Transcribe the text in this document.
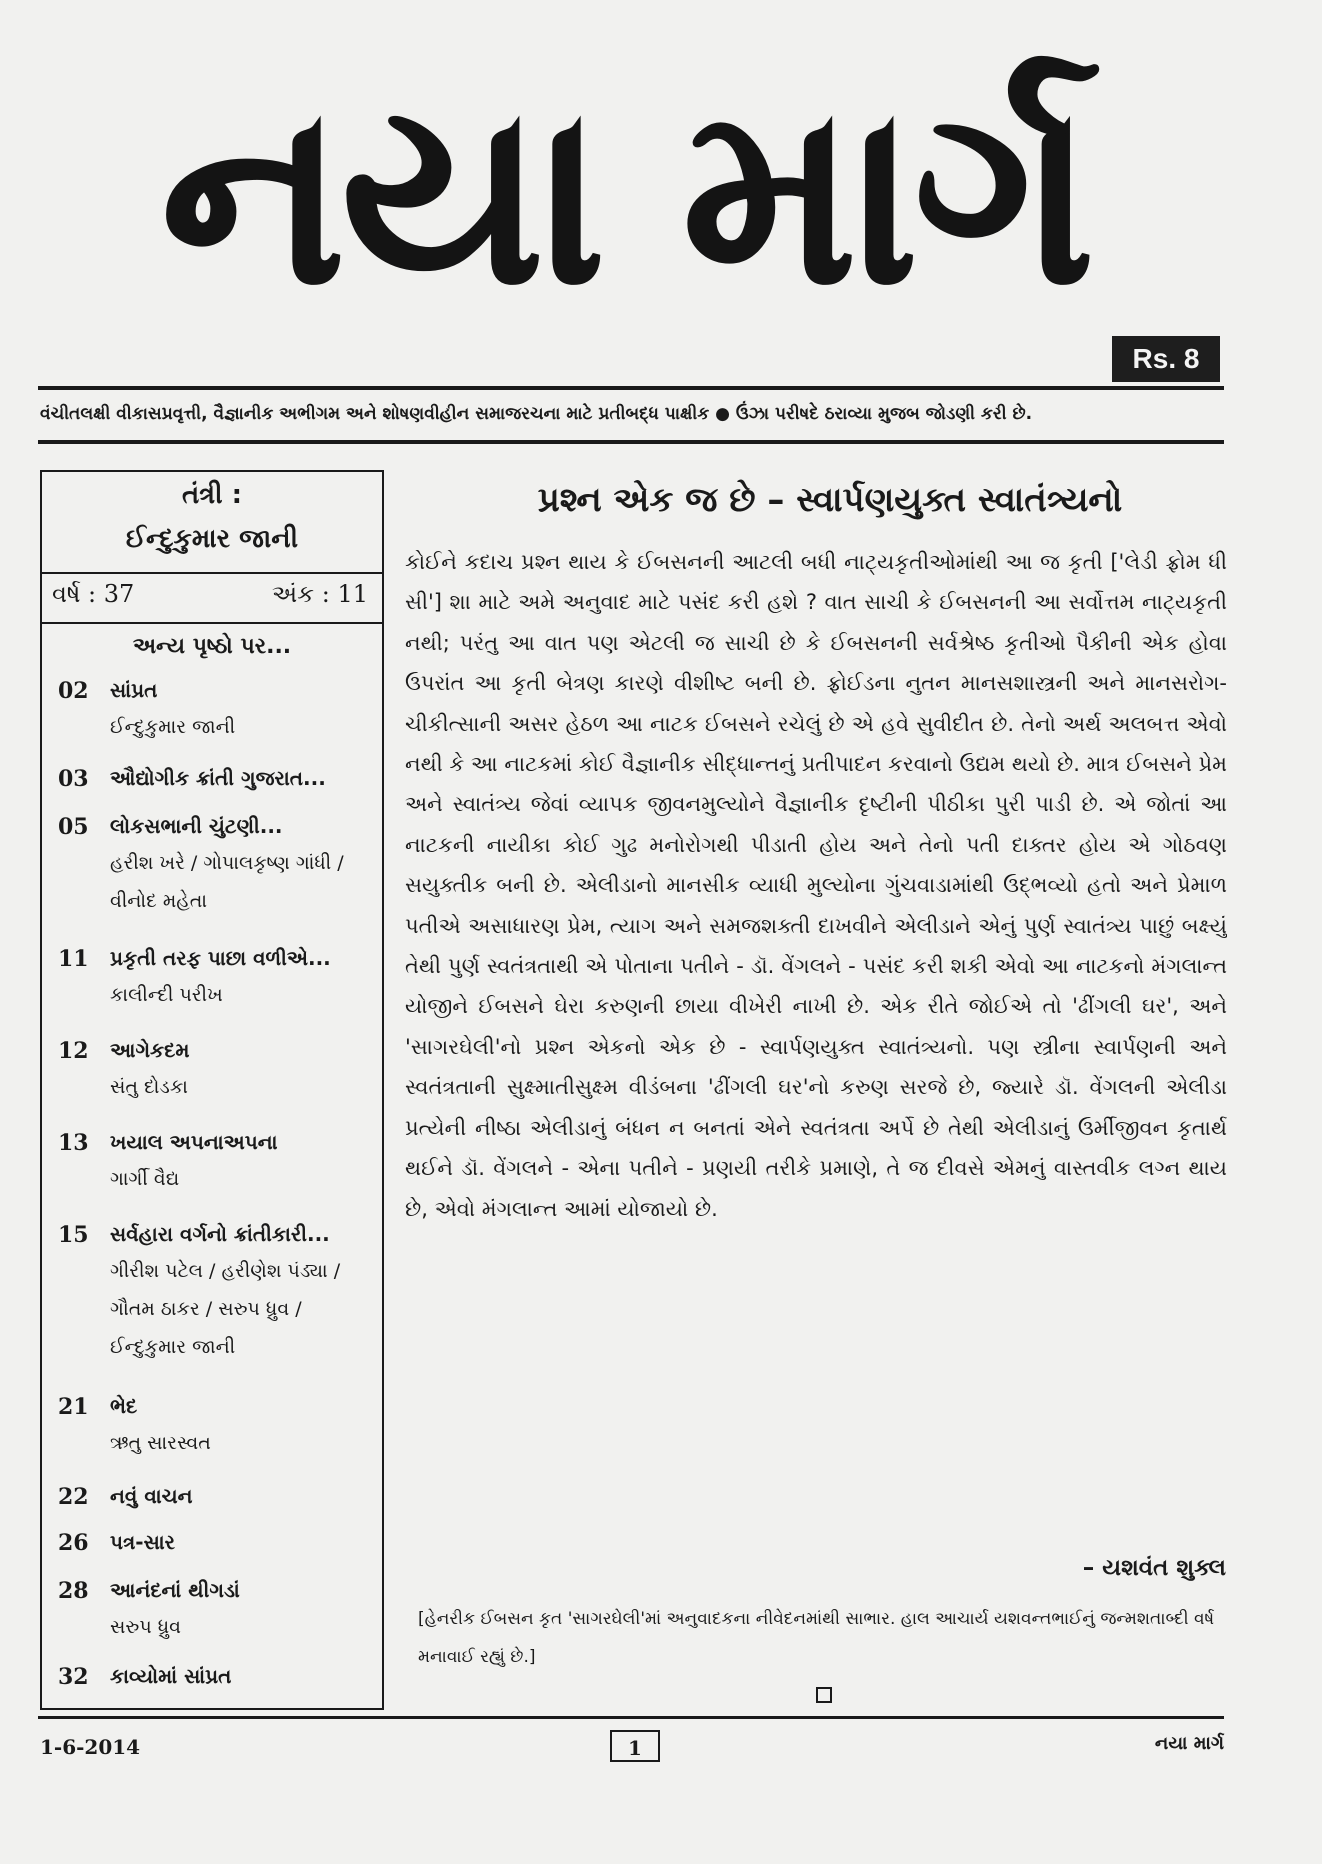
નયા માર્ગ
Rs. 8
વંચીતલક્ષી વીકાસપ્રવૃત્તી, વૈજ્ઞાનીક અભીગમ અને શોષણવીહીન સમાજરચના માટે પ્રતીબદ્ધ પાક્ષીક ● ઉંઝા પરીષદે ઠરાવ્યા મુજબ જોડણી કરી છે.
તંત્રી :
ઈન્દુકુમાર જાની
વર્ષ : 37	અંક : 11
અન્ય પૃષ્ઠો પર...
02 સાંપ્રત
ઈન્દુકુમાર જાની
03 ઔદ્યોગીક ક્રાંતી ગુજરાત...
05 લોકસભાની ચુંટણી...
હરીશ ખરે / ગોપાલકૃષ્ણ ગાંધી / વીનોદ મહેતા
11 પ્રકૃતી તરફ પાછા વળીએ...
કાલીન્દી પરીખ
12 આગેકદમ
સંતુ દોડકા
13 ખયાલ અપનાઅપના
ગાર્ગી વૈદ્ય
15 સર્વહારા વર્ગનો ક્રાંતીકારી...
ગીરીશ પટેલ / હરીણેશ પંડ્યા / ગૌતમ ઠાકર / સરુપ ધ્રુવ / ઈન્દુકુમાર જાની
21 ભેદ
ઋતુ સારસ્વત
22 નવું વાચન
26 પત્ર-સાર
28 આનંદનાં થીગડાં
સરુપ ધ્રુવ
32 કાવ્યોમાં સાંપ્રત
પ્રશ્ન એક જ છે – સ્વાર્પણયુક્ત સ્વાતંત્ર્યનો
કોઈને કદાચ પ્રશ્ન થાય કે ઈબસનની આટલી બધી નાટ્યકૃતીઓમાંથી આ જ કૃતી ['લેડી ફ્રોમ ધી સી'] શા માટે અમે અનુવાદ માટે પસંદ કરી હશે ? વાત સાચી કે ઈબસનની આ સર્વોત્તમ નાટ્યકૃતી નથી; પરંતુ આ વાત પણ એટલી જ સાચી છે કે ઈબસનની સર્વશ્રેષ્ઠ કૃતીઓ પૈકીની એક હોવા ઉપરાંત આ કૃતી બેત્રણ કારણે વીશીષ્ટ બની છે. ફ્રોઈડના નુતન માનસશાસ્ત્રની અને માનસરોગ-ચીકીત્સાની અસર હેઠળ આ નાટક ઈબસને રચેલું છે એ હવે સુવીદીત છે. તેનો અર્થ અલબત્ત એવો નથી કે આ નાટકમાં કોઈ વૈજ્ઞાનીક સીદ્ધાન્તનું પ્રતીપાદન કરવાનો ઉદ્યમ થયો છે. માત્ર ઈબસને પ્રેમ અને સ્વાતંત્ર્ય જેવાં વ્યાપક જીવનમુલ્યોને વૈજ્ઞાનીક દૃષ્ટીની પીઠીકા પુરી પાડી છે. એ જોતાં આ નાટકની નાયીકા કોઈ ગુઢ મનોરોગથી પીડાતી હોય અને તેનો પતી દાક્તર હોય એ ગોઠવણ સયુક્તીક બની છે. એલીડાનો માનસીક વ્યાધી મુલ્યોના ગુંચવાડામાંથી ઉદ્ભવ્યો હતો અને પ્રેમાળ પતીએ અસાધારણ પ્રેમ, ત્યાગ અને સમજશક્તી દાખવીને એલીડાને એનું પુર્ણ સ્વાતંત્ર્ય પાછું બક્ષ્યું તેથી પુર્ણ સ્વતંત્રતાથી એ પોતાના પતીને - ડૉ. વેંગલને - પસંદ કરી શકી એવો આ નાટકનો મંગલાન્ત યોજીને ઈબસને ઘેરા કરુણની છાયા વીખેરી નાખી છે. એક રીતે જોઈએ તો 'ઢીંગલી ઘર', અને 'સાગરઘેલી'નો પ્રશ્ન એકનો એક છે - સ્વાર્પણયુક્ત સ્વાતંત્ર્યનો. પણ સ્ત્રીના સ્વાર્પણની અને સ્વતંત્રતાની સુક્ષ્માતીસુક્ષ્મ વીડંબના 'ઢીંગલી ઘર'નો કરુણ સરજે છે, જ્યારે ડૉ. વેંગલની એલીડા પ્રત્યેની નીષ્ઠા એલીડાનું બંધન ન બનતાં એને સ્વતંત્રતા અર્પે છે તેથી એલીડાનું ઉર્મીજીવન કૃતાર્થ થઈને ડૉ. વેંગલને - એના પતીને - પ્રણયી તરીકે પ્રમાણે, તે જ દીવસે એમનું વાસ્તવીક લગ્ન થાય છે, એવો મંગલાન્ત આમાં યોજાયો છે.
– યશવંત શુક્લ
[હેનરીક ઈબસન કૃત 'સાગરઘેલી'માં અનુવાદકના નીવેદનમાંથી સાભાર. હાલ આચાર્ય યશવન્તભાઈનું જન્મશતાબ્દી વર્ષ મનાવાઈ રહ્યું છે.]
1-6-2014	1	નયા માર્ગ
